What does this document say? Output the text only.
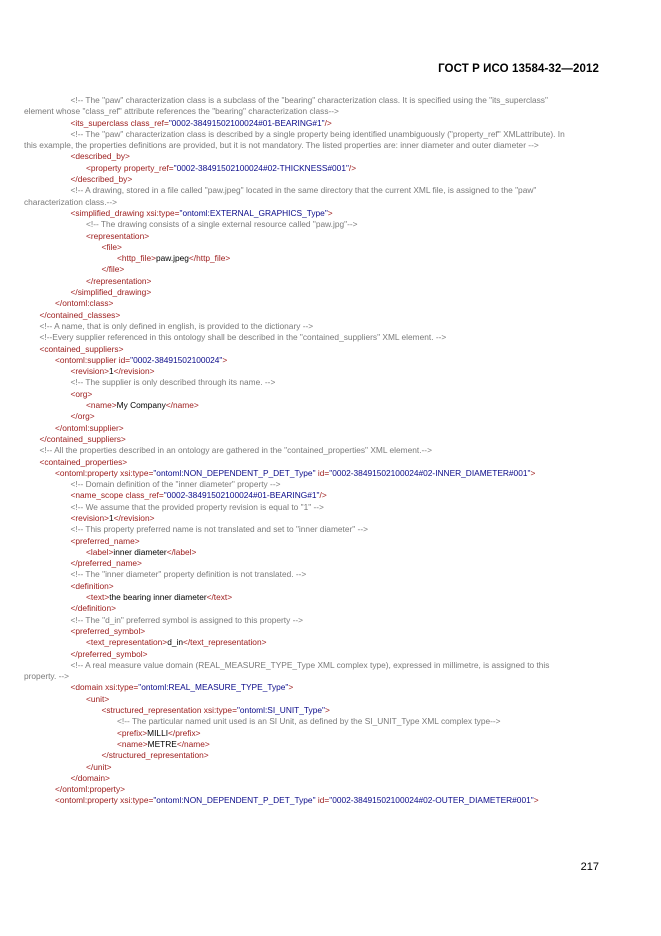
ГОСТ Р ИСО 13584-32—2012
<!-- The "paw" characterization class is a subclass of the "bearing" characterization class. It is specified using the "its_superclass" element whose "class_ref" attribute references the "bearing" characterization class-->
<its_superclass class_ref="0002-38491502100024#01-BEARING#1"/>
<!-- The "paw" characterization class is described by a single property being identified unambiguously ("property_ref" XMLattribute). In this example, the properties definitions are provided, but it is not mandatory. The listed properties are: inner diameter and outer diameter -->
<described_by>
<property property_ref="0002-38491502100024#02-THICKNESS#001"/>
</described_by>
<!-- A drawing, stored in a file called "paw.jpeg" located in the same directory that the current XML file, is assigned to the "paw" characterization class.-->
<simplified_drawing xsi:type="ontoml:EXTERNAL_GRAPHICS_Type">
<!-- The drawing consists of a single external resource called "paw.jpg"-->
<representation>
<file>
<http_file>paw.jpeg</http_file>
</file>
</representation>
</simplified_drawing>
</ontoml:class>
</contained_classes>
<!-- A name, that is only defined in english, is provided to the dictionary -->
<!--Every supplier referenced in this ontology shall be described in the "contained_suppliers" XML element. -->
<contained_suppliers>
<ontoml:supplier id="0002-38491502100024">
<revision>1</revision>
<!-- The supplier is only described through its name. -->
<org>
<name>My Company</name>
</org>
</ontoml:supplier>
</contained_suppliers>
<!-- All the properties described in an ontology are gathered in the "contained_properties" XML element.-->
<contained_properties>
<ontoml:property xsi:type="ontoml:NON_DEPENDENT_P_DET_Type" id="0002-38491502100024#02-INNER_DIAMETER#001">
<!-- Domain definition of the "inner diameter" property -->
<name_scope class_ref="0002-38491502100024#01-BEARING#1"/>
<!-- We assume that the provided property revision is equal to "1" -->
<revision>1</revision>
<!-- This property preferred name is not translated and set to "inner diameter" -->
<preferred_name>
<label>inner diameter</label>
</preferred_name>
<!-- The "inner diameter" property definition is not translated. -->
<definition>
<text>the bearing inner diameter</text>
</definition>
<!-- The "d_in" preferred symbol is assigned to this property -->
<preferred_symbol>
<text_representation>d_in</text_representation>
</preferred_symbol>
<!-- A real measure value domain (REAL_MEASURE_TYPE_Type XML complex type), expressed in millimetre, is assigned to this property. -->
<domain xsi:type="ontoml:REAL_MEASURE_TYPE_Type">
<unit>
<structured_representation xsi:type="ontoml:SI_UNIT_Type">
<!-- The particular named unit used is an SI Unit, as defined by the SI_UNIT_Type XML complex type-->
<prefix>MILLI</prefix>
<name>METRE</name>
</structured_representation>
</unit>
</domain>
</ontoml:property>
<ontoml:property xsi:type="ontoml:NON_DEPENDENT_P_DET_Type" id="0002-38491502100024#02-OUTER_DIAMETER#001">
217
